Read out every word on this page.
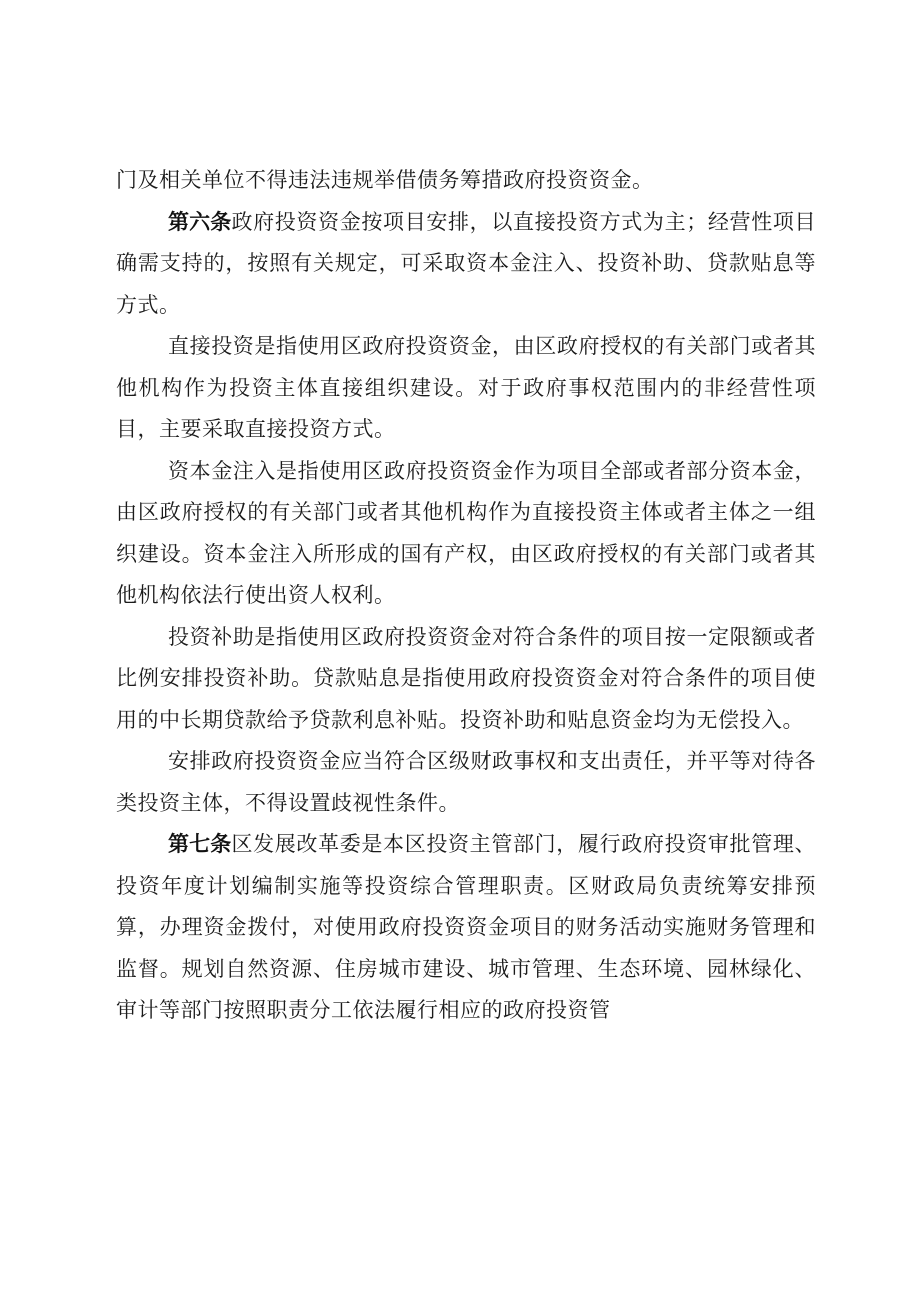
门及相关单位不得违法违规举借债务筹措政府投资资金。

第六条政府投资资金按项目安排，以直接投资方式为主；经营性项目确需支持的，按照有关规定，可采取资本金注入、投资补助、贷款贴息等方式。

直接投资是指使用区政府投资资金，由区政府授权的有关部门或者其他机构作为投资主体直接组织建设。对于政府事权范围内的非经营性项目，主要采取直接投资方式。

资本金注入是指使用区政府投资资金作为项目全部或者部分资本金，由区政府授权的有关部门或者其他机构作为直接投资主体或者主体之一组织建设。资本金注入所形成的国有产权，由区政府授权的有关部门或者其他机构依法行使出资人权利。

投资补助是指使用区政府投资资金对符合条件的项目按一定限额或者比例安排投资补助。贷款贴息是指使用政府投资资金对符合条件的项目使用的中长期贷款给予贷款利息补贴。投资补助和贴息资金均为无偿投入。

安排政府投资资金应当符合区级财政事权和支出责任，并平等对待各类投资主体，不得设置歧视性条件。

第七条区发展改革委是本区投资主管部门，履行政府投资审批管理、投资年度计划编制实施等投资综合管理职责。区财政局负责统筹安排预算，办理资金拨付，对使用政府投资资金项目的财务活动实施财务管理和监督。规划自然资源、住房城市建设、城市管理、生态环境、园林绿化、审计等部门按照职责分工依法履行相应的政府投资管
